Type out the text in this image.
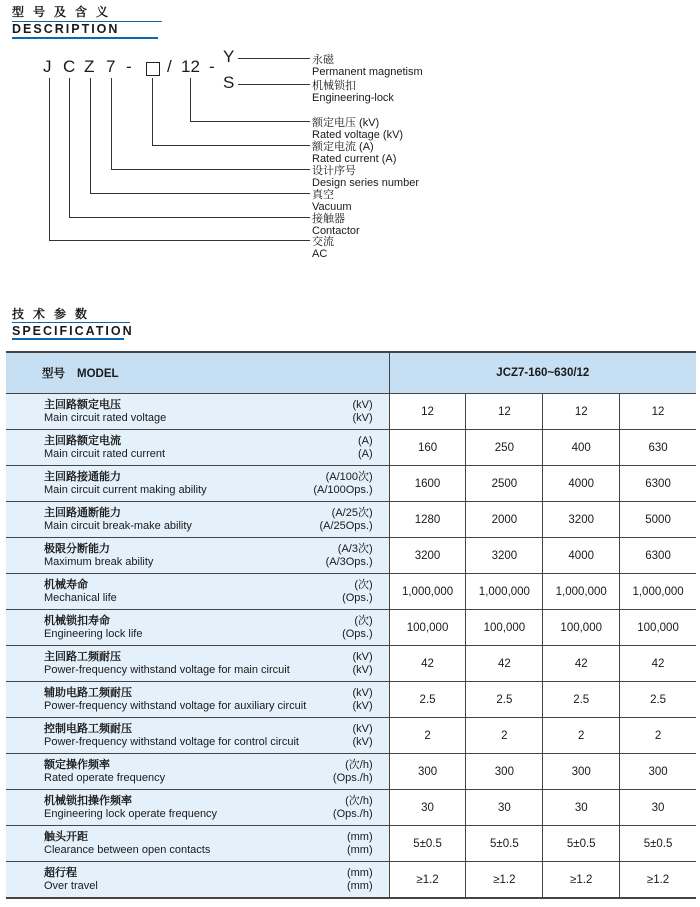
型号及含义
DESCRIPTION
J C Z 7 - / 12 -
Y
S
永磁
Permanent magnetism
机械锁扣
Engineering-lock
额定电压 (kV)
Rated voltage (kV)
额定电流 (A)
Rated current (A)
设计序号
Design series number
真空
Vacuum
接触器
Contactor
交流
AC
技术参数
SPECIFICATION
型号 MODEL	JCZ7-160~630/12			

主回路额定电压
Main circuit rated voltage
(kV)
(kV)	12	12	12	12

主回路额定电流
Main circuit rated current
(A)
(A)	160	250	400	630

主回路接通能力
Main circuit current making ability
(A/100次)
(A/100Ops.)	1600	2500	4000	6300

主回路通断能力
Main circuit break-make ability
(A/25次)
(A/25Ops.)	1280	2000	3200	5000

极限分断能力
Maximum break ability
(A/3次)
(A/3Ops.)	3200	3200	4000	6300

机械寿命
Mechanical life
(次)
(Ops.)	1,000,000	1,000,000	1,000,000	1,000,000

机械锁扣寿命
Engineering lock life
(次)
(Ops.)	100,000	100,000	100,000	100,000

主回路工频耐压
Power-frequency withstand voltage for main circuit
(kV)
(kV)	42	42	42	42

辅助电路工频耐压
Power-frequency withstand voltage for auxiliary circuit
(kV)
(kV)	2.5	2.5	2.5	2.5

控制电路工频耐压
Power-frequency withstand voltage for control circuit
(kV)
(kV)	2	2	2	2

额定操作频率
Rated operate frequency
(次/h)
(Ops./h)	300	300	300	300

机械锁扣操作频率
Engineering lock operate frequency
(次/h)
(Ops./h)	30	30	30	30

触头开距
Clearance between open contacts
(mm)
(mm)	5±0.5	5±0.5	5±0.5	5±0.5

超行程
Over travel
(mm)
(mm)	≥1.2	≥1.2	≥1.2	≥1.2
